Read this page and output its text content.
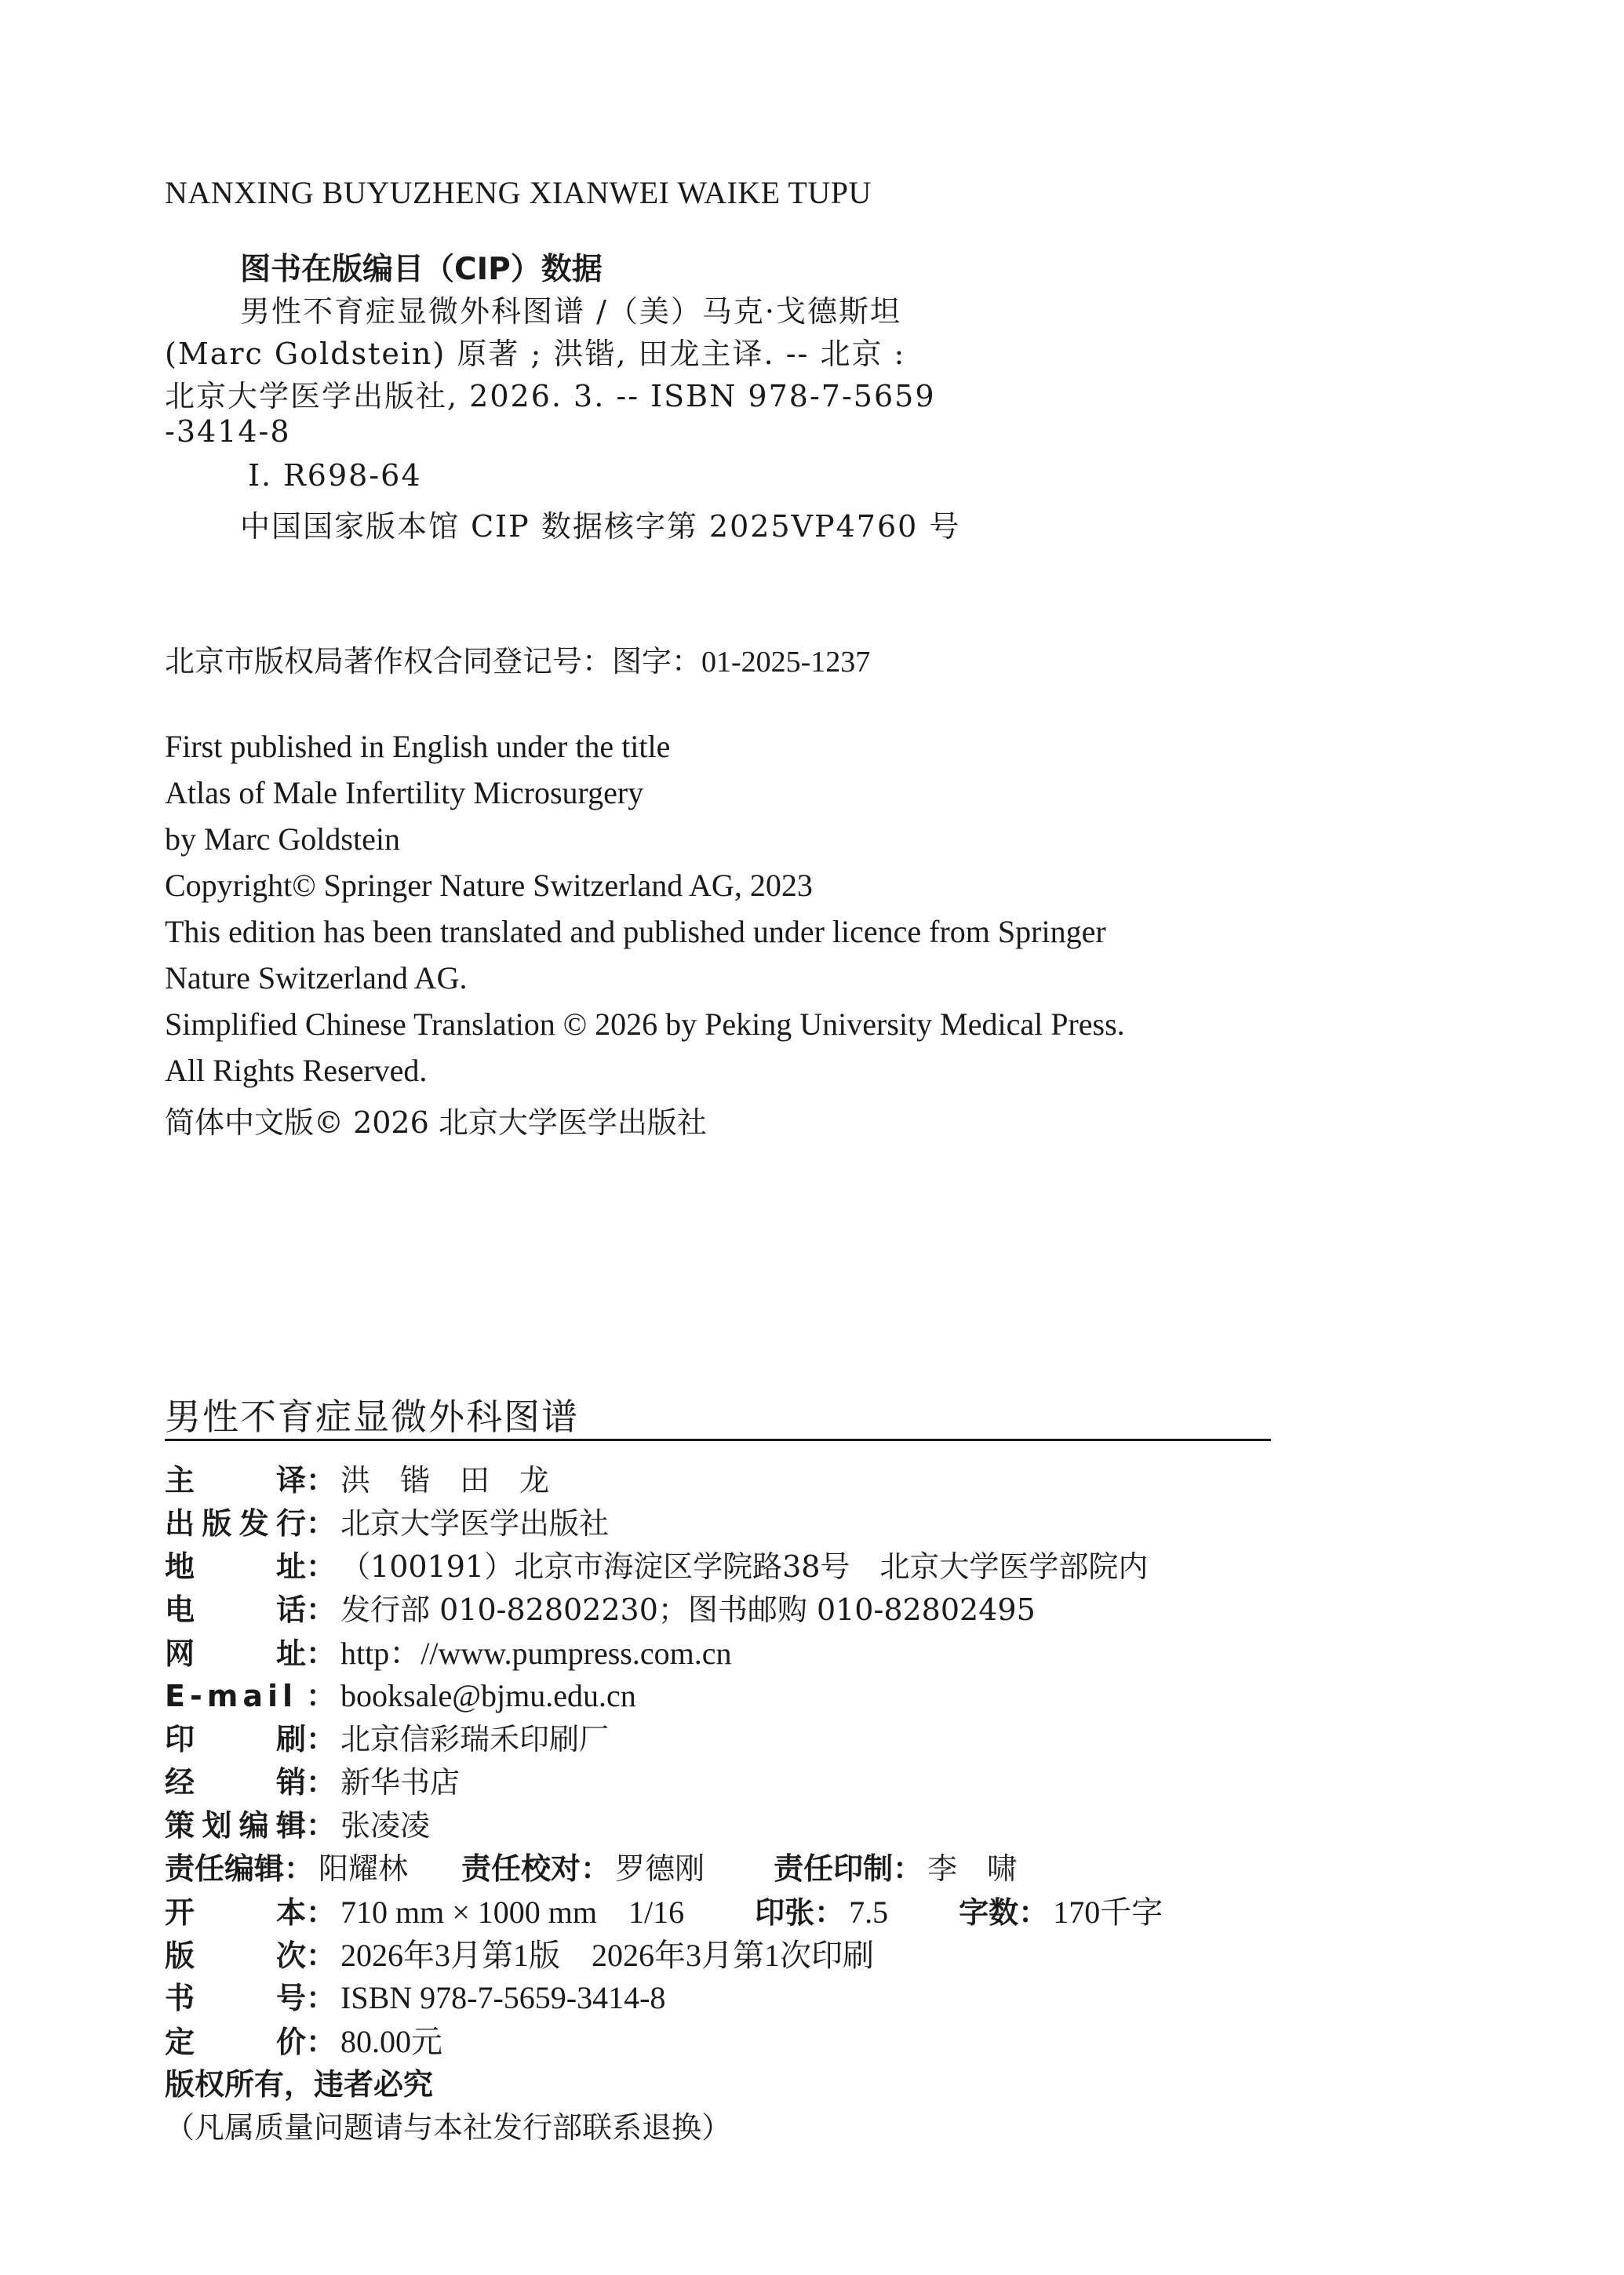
NANXING BUYUZHENG XIANWEI WAIKE TUPU
图书在版编目（CIP）数据
男性不育症显微外科图谱 /（美）马克·戈德斯坦
(Marc Goldstein) 原著 ; 洪锴, 田龙主译. -- 北京 :
北京大学医学出版社, 2026. 3. -- ISBN 978-7-5659
-3414-8
Ⅰ. R698-64
中国国家版本馆 CIP 数据核字第 2025VP4760 号
北京市版权局著作权合同登记号：图字：01-2025-1237
First published in English under the title
Atlas of Male Infertility Microsurgery
by Marc Goldstein
Copyright© Springer Nature Switzerland AG, 2023
This edition has been translated and published under licence from Springer
Nature Switzerland AG.
Simplified Chinese Translation © 2026 by Peking University Medical Press.
All Rights Reserved.
简体中文版© 2026 北京大学医学出版社
男性不育症显微外科图谱
主	译 ： 洪　锴　田　龙
出 版 发 行 ： 北京大学医学出版社
地	址 ： （100191）北京市海淀区学院路38号　北京大学医学部院内
电	话 ： 发行部 010-82802230；图书邮购 010-82802495
网	址 ： http：//www.pumpress.com.cn
E-mail ： booksale@bjmu.edu.cn
印	刷 ： 北京信彩瑞禾印刷厂
经	销 ： 新华书店
策 划 编 辑 ： 张凌凌
责任编辑 ： 阳耀林 责任校对 ： 罗德刚 责任印制 ： 李　啸
开	本 ： 710 mm × 1000 mm　1/16 印张 ： 7.5 字数 ： 170千字
版	次 ： 2026年3月第1版　2026年3月第1次印刷
书	号 ： ISBN 978-7-5659-3414-8
定	价 ： 80.00元
版权所有，违者必究
（凡属质量问题请与本社发行部联系退换）
